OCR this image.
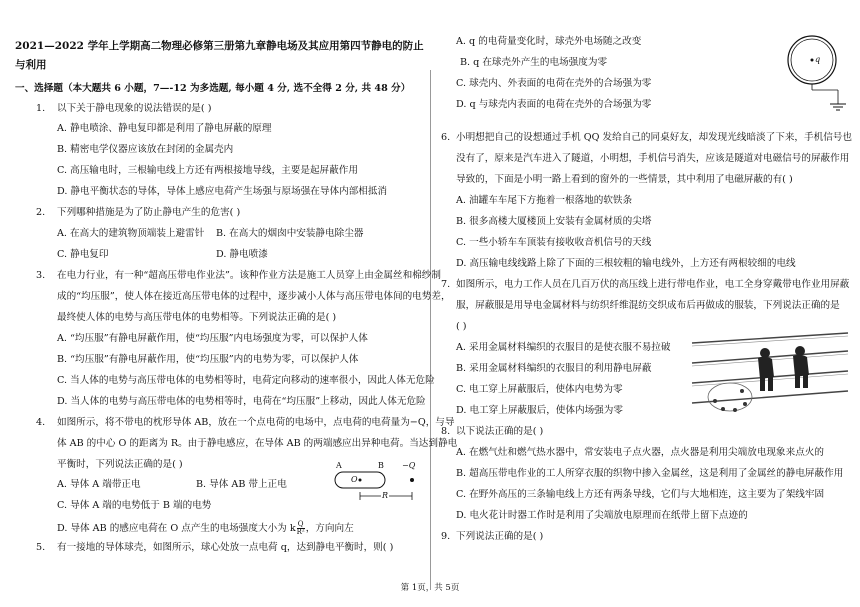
2021—2022 学年上学期高二物理必修第三册第九章静电场及其应用第四节静电的防止
与利用
一、选择题（本大题共 6 小题，7—-12 为多选题, 每小题 4 分, 选不全得 2 分, 共 48 分）
1. 以下关于静电现象的说法错误的是( )
A. 静电喷涂、静电复印都是利用了静电屏蔽的原理
B. 精密电学仪器应该放在封闭的金属壳内
C. 高压输电时，三根输电线上方还有两根接地导线，主要是起屏蔽作用
D. 静电平衡状态的导体，导体上感应电荷产生场强与原场强在导体内部相抵消
2. 下列哪种措施是为了防止静电产生的危害( )
A. 在高大的建筑物顶端装上避雷针 B. 在高大的烟囱中安装静电除尘器
C. 静电复印	D. 静电喷漆
3. 在电力行业，有一种“超高压带电作业法”。该种作业方法是施工人员穿上由金属丝和棉纱制
成的“均压服”，使人体在接近高压带电体的过程中，逐步减小人体与高压带电体间的电势差，
最终使人体的电势与高压带电体的电势相等。下列说法正确的是( )
A. “均压服”有静电屏蔽作用，使“均压服”内电场强度为零，可以保护人体
B. “均压服”有静电屏蔽作用，使“均压服”内的电势为零，可以保护人体
C. 当人体的电势与高压带电体的电势相等时，电荷定向移动的速率很小，因此人体无危险
D. 当人体的电势与高压带电体的电势相等时，电荷在“均压服”上移动，因此人体无危险
4. 如图所示，将不带电的枕形导体 AB，放在一个点电荷的电场中，点电荷的电荷量为−Q，与导
体 AB 的中心 O 的距离为 R。由于静电感应，在导体 AB 的两端感应出异种电荷。当达到静电
平衡时，下列说法正确的是( )
A. 导体 A 端带正电	B. 导体 AB 带上正电
C. 导体 A 端的电势低于 B 端的电势
D. 导体 AB 的感应电荷在 O 点产生的电场强度大小为 k $\frac{Q}{\text{R²}}$ ，方向向左
A	B −Q
O
R
5. 有一接地的导体球壳，如图所示，球心处放一点电荷 q，达到静电平衡时，则( )
A. q 的电荷量变化时，球壳外电场随之改变
B. q 在球壳外产生的电场强度为零
C. 球壳内、外表面的电荷在壳外的合场强为零
D. q 与球壳内表面的电荷在壳外的合场强为零
q
6. 小明想把自己的设想通过手机 QQ 发给自己的同桌好友，却发现光线暗淡了下来，手机信号也
没有了，原来是汽车进入了隧道，小明想，手机信号消失，应该是隧道对电磁信号的屏蔽作用
导致的，下面是小明一路上看到的窗外的一些情景，其中利用了电磁屏蔽的有( )
A. 油罐车车尾下方拖着一根落地的软铁条
B. 很多高楼大厦楼顶上安装有金属材质的尖塔
C. 一些小轿车车顶装有接收收音机信号的天线
D. 高压输电线线路上除了下面的三根较粗的输电线外，上方还有两根较细的电线
7. 如图所示，电力工作人员在几百万伏的高压线上进行带电作业，电工全身穿戴带电作业用屏蔽
服，屏蔽服是用导电金属材料与纺织纤维混纺交织成布后再做成的服装，下列说法正确的是
( )
A. 采用金属材料编织的衣服目的是使衣服不易拉破
B. 采用金属材料编织的衣服目的利用静电屏蔽
C. 电工穿上屏蔽服后，使体内电势为零
D. 电工穿上屏蔽服后，使体内场强为零
8. 以下说法正确的是( )
A. 在燃气灶和燃气热水器中，常安装电子点火器，点火器是利用尖端放电现象来点火的
B. 超高压带电作业的工人所穿衣服的织物中掺入金属丝，这是利用了金属丝的静电屏蔽作用
C. 在野外高压的三条输电线上方还有两条导线，它们与大地相连，这主要为了架线牢固
D. 电火花计时器工作时是利用了尖端放电原理而在纸带上留下点迹的
9. 下列说法正确的是( )
第 1页，共 5页
